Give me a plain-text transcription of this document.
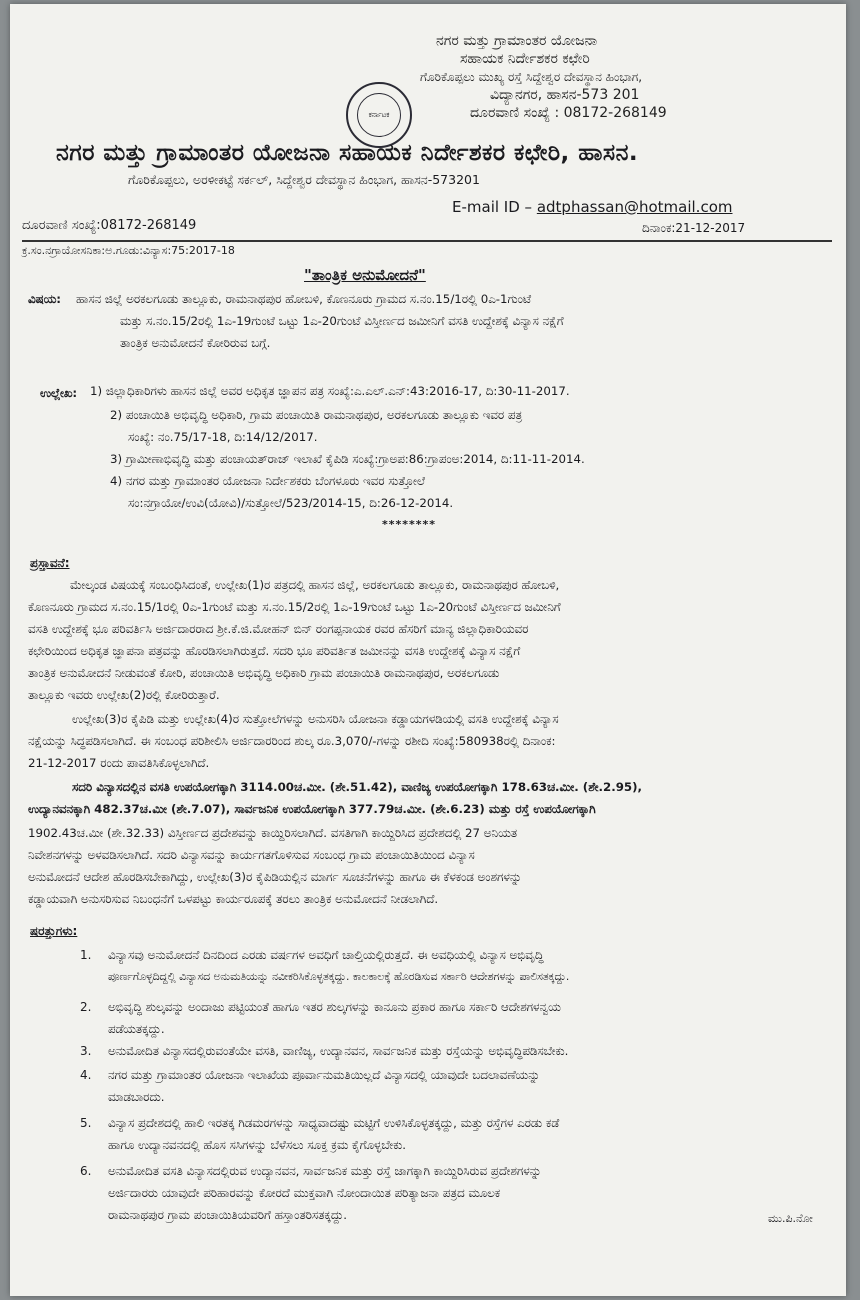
ಕರ್ನಾಟಕ
ನಗರ ಮತ್ತು ಗ್ರಾಮಾಂತರ ಯೋಜನಾ
ಸಹಾಯಕ ನಿರ್ದೇಶಕರ ಕಛೇರಿ
ಗೊರಿಕೊಪ್ಪಲು ಮುಖ್ಯ ರಸ್ತೆ ಸಿದ್ದೇಶ್ವರ ದೇವಸ್ಥಾನ ಹಿಂಭಾಗ,
ವಿದ್ಯಾನಗರ, ಹಾಸನ-573 201
ದೂರವಾಣಿ ಸಂಖ್ಯೆ : 08172-268149
ನಗರ ಮತ್ತು ಗ್ರಾಮಾಂತರ ಯೋಜನಾ ಸಹಾಯಕ ನಿರ್ದೇಶಕರ ಕಛೇರಿ, ಹಾಸನ.
ಗೊರಿಕೊಪ್ಪಲು, ಅರಳೀಕಟ್ಟೆ ಸರ್ಕಲ್, ಸಿದ್ದೇಶ್ವರ ದೇವಸ್ಥಾನ ಹಿಂಭಾಗ, ಹಾಸನ-573201
E-mail ID – adtphassan@hotmail.com
ದೂರವಾಣಿ ಸಂಖ್ಯೆ:08172-268149	ದಿನಾಂಕ:21-12-2017
ಕ್ರ.ಸಂ.ನಗ್ರಾಯೋಸನಿಕಾ:ಅ.ಗೂಡು:ವಿನ್ಯಾಸ:75:2017-18
"ತಾಂತ್ರಿಕ ಅನುಮೋದನೆ"
ವಿಷಯ: ಹಾಸನ ಜಿಲ್ಲೆ ಅರಕಲಗೂಡು ತಾಲ್ಲೂಕು, ರಾಮನಾಥಪುರ ಹೋಬಳಿ, ಕೊಣನೂರು ಗ್ರಾಮದ ಸ.ನಂ.15/1ರಲ್ಲಿ 0ಎ-1ಗುಂಟೆ
ಮತ್ತು ಸ.ನಂ.15/2ರಲ್ಲಿ 1ಎ-19ಗುಂಟೆ ಒಟ್ಟು 1ಎ-20ಗುಂಟೆ ವಿಸ್ತೀರ್ಣದ ಜಮೀನಿಗೆ ವಸತಿ ಉದ್ದೇಶಕ್ಕೆ ವಿನ್ಯಾಸ ನಕ್ಷೆಗೆ
ತಾಂತ್ರಿಕ ಅನುಮೋದನೆ ಕೋರಿರುವ ಬಗ್ಗೆ.
ಉಲ್ಲೇಖ: 1) ಜಿಲ್ಲಾಧಿಕಾರಿಗಳು ಹಾಸನ ಜಿಲ್ಲೆ ಅವರ ಅಧಿಕೃತ ಜ್ಞಾಪನ ಪತ್ರ ಸಂಖ್ಯೆ:ಎ.ಎಲ್.ಎನ್:43:2016-17, ದಿ:30-11-2017.
2) ಪಂಚಾಯಿತಿ ಅಭಿವೃದ್ಧಿ ಅಧಿಕಾರಿ, ಗ್ರಾಮ ಪಂಚಾಯಿತಿ ರಾಮನಾಥಪುರ, ಅರಕಲಗೂಡು ತಾಲ್ಲೂಕು ಇವರ ಪತ್ರ
ಸಂಖ್ಯೆ: ನಂ.75/17-18, ದಿ:14/12/2017.
3) ಗ್ರಾಮೀಣಾಭಿವೃದ್ಧಿ ಮತ್ತು ಪಂಚಾಯತ್‌ರಾಜ್ ಇಲಾಖೆ ಕೈಪಿಡಿ ಸಂಖ್ಯೆ:ಗ್ರಾಅಪ:86:ಗ್ರಾಪಂಅ:2014, ದಿ:11-11-2014.
4) ನಗರ ಮತ್ತು ಗ್ರಾಮಾಂತರ ಯೋಜನಾ ನಿರ್ದೇಶಕರು ಬೆಂಗಳೂರು ಇವರ ಸುತ್ತೋಲೆ
ಸಂ:ನಗ್ರಾಯೋ/ಉವಿ(ಯೋವಿ)/ಸುತ್ತೋಲೆ/523/2014-15, ದಿ:26-12-2014.
********
ಪ್ರಸ್ತಾವನೆ:
ಮೇಲ್ಕಂಡ ವಿಷಯಕ್ಕೆ ಸಂಬಂಧಿಸಿದಂತೆ, ಉಲ್ಲೇಖ(1)ರ ಪತ್ರದಲ್ಲಿ ಹಾಸನ ಜಿಲ್ಲೆ, ಅರಕಲಗೂಡು ತಾಲ್ಲೂಕು, ರಾಮನಾಥಪುರ ಹೋಬಳಿ,
ಕೊಣನೂರು ಗ್ರಾಮದ ಸ.ನಂ.15/1ರಲ್ಲಿ 0ಎ-1ಗುಂಟೆ ಮತ್ತು ಸ.ನಂ.15/2ರಲ್ಲಿ 1ಎ-19ಗುಂಟೆ ಒಟ್ಟು 1ಎ-20ಗುಂಟೆ ವಿಸ್ತೀರ್ಣದ ಜಮೀನಿಗೆ
ವಸತಿ ಉದ್ದೇಶಕ್ಕೆ ಭೂ ಪರಿವರ್ತಿಸಿ ಅರ್ಜಿದಾರರಾದ ಶ್ರೀ.ಕೆ.ಜಿ.ಮೋಹನ್ ಬಿನ್ ರಂಗಪ್ಪನಾಯಕ ರವರ ಹೆಸರಿಗೆ ಮಾನ್ಯ ಜಿಲ್ಲಾಧಿಕಾರಿಯವರ
ಕಛೇರಿಯಿಂದ ಅಧಿಕೃತ ಜ್ಞಾಪನಾ ಪತ್ರವನ್ನು ಹೊರಡಿಸಲಾಗಿರುತ್ತದೆ. ಸದರಿ ಭೂ ಪರಿವರ್ತಿತ ಜಮೀನನ್ನು ವಸತಿ ಉದ್ದೇಶಕ್ಕೆ ವಿನ್ಯಾಸ ನಕ್ಷೆಗೆ
ತಾಂತ್ರಿಕ ಅನುಮೋದನೆ ನೀಡುವಂತೆ ಕೋರಿ, ಪಂಚಾಯಿತಿ ಅಭಿವೃದ್ಧಿ ಅಧಿಕಾರಿ ಗ್ರಾಮ ಪಂಚಾಯಿತಿ ರಾಮನಾಥಪುರ, ಅರಕಲಗೂಡು
ತಾಲ್ಲೂಕು ಇವರು ಉಲ್ಲೇಖ(2)ರಲ್ಲಿ ಕೋರಿರುತ್ತಾರೆ.
ಉಲ್ಲೇಖ(3)ರ ಕೈಪಿಡಿ ಮತ್ತು ಉಲ್ಲೇಖ(4)ರ ಸುತ್ತೋಲೆಗಳನ್ನು ಅನುಸರಿಸಿ ಯೋಜನಾ ಕಡ್ಡಾಯಗಳಡಿಯಲ್ಲಿ ವಸತಿ ಉದ್ದೇಶಕ್ಕೆ ವಿನ್ಯಾಸ
ನಕ್ಷೆಯನ್ನು ಸಿದ್ಧಪಡಿಸಲಾಗಿದೆ. ಈ ಸಂಬಂಧ ಪರಿಶೀಲಿಸಿ ಅರ್ಜಿದಾರರಿಂದ ಶುಲ್ಕ ರೂ.3,070/-ಗಳನ್ನು ರಶೀದಿ ಸಂಖ್ಯೆ:580938ರಲ್ಲಿ ದಿನಾಂಕ:
21-12-2017 ರಂದು ಪಾವತಿಸಿಕೊಳ್ಳಲಾಗಿದೆ.
ಸದರಿ ವಿನ್ಯಾಸದಲ್ಲಿನ ವಸತಿ ಉಪಯೋಗಕ್ಕಾಗಿ 3114.00ಚ.ಮೀ. (ಶೇ.51.42), ವಾಣಿಜ್ಯ ಉಪಯೋಗಕ್ಕಾಗಿ 178.63ಚ.ಮೀ. (ಶೇ.2.95),
ಉದ್ಯಾನವನಕ್ಕಾಗಿ 482.37ಚ.ಮೀ (ಶೇ.7.07), ಸಾರ್ವಜನಿಕ ಉಪಯೋಗಕ್ಕಾಗಿ 377.79ಚ.ಮೀ. (ಶೇ.6.23) ಮತ್ತು ರಸ್ತೆ ಉಪಯೋಗಕ್ಕಾಗಿ
1902.43ಚ.ಮೀ (ಶೇ.32.33) ವಿಸ್ತೀರ್ಣದ ಪ್ರದೇಶವನ್ನು ಕಾಯ್ದಿರಿಸಲಾಗಿದೆ. ವಸತಿಗಾಗಿ ಕಾಯ್ದಿರಿಸಿದ ಪ್ರದೇಶದಲ್ಲಿ 27 ಅನಿಯತ
ನಿವೇಶನಗಳನ್ನು ಅಳವಡಿಸಲಾಗಿದೆ. ಸದರಿ ವಿನ್ಯಾಸವನ್ನು ಕಾರ್ಯಗತಗೊಳಿಸುವ ಸಂಬಂಧ ಗ್ರಾಮ ಪಂಚಾಯಿತಿಯಿಂದ ವಿನ್ಯಾಸ
ಅನುಮೋದನೆ ಆದೇಶ ಹೊರಡಿಸಬೇಕಾಗಿದ್ದು, ಉಲ್ಲೇಖ(3)ರ ಕೈಪಿಡಿಯಲ್ಲಿನ ಮಾರ್ಗ ಸೂಚನೆಗಳನ್ನು ಹಾಗೂ ಈ ಕೆಳಕಂಡ ಅಂಶಗಳನ್ನು
ಕಡ್ಡಾಯವಾಗಿ ಅನುಸರಿಸುವ ನಿಬಂಧನೆಗೆ ಒಳಪಟ್ಟು ಕಾರ್ಯರೂಪಕ್ಕೆ ತರಲು ತಾಂತ್ರಿಕ ಅನುಮೋದನೆ ನೀಡಲಾಗಿದೆ.
ಷರತ್ತುಗಳು:
1. ವಿನ್ಯಾಸವು ಅನುಮೋದನೆ ದಿನದಿಂದ ಎರಡು ವರ್ಷಗಳ ಅವಧಿಗೆ ಚಾಲ್ತಿಯಲ್ಲಿರುತ್ತದೆ. ಈ ಅವಧಿಯಲ್ಲಿ ವಿನ್ಯಾಸ ಅಭಿವೃದ್ಧಿ
ಪೂರ್ಣಗೊಳ್ಳದಿದ್ದಲ್ಲಿ ವಿನ್ಯಾಸದ ಅನುಮತಿಯನ್ನು ನವೀಕರಿಸಿಕೊಳ್ಳತಕ್ಕದ್ದು. ಕಾಲಕಾಲಕ್ಕೆ ಹೊರಡಿಸುವ ಸರ್ಕಾರಿ ಆದೇಶಗಳನ್ನು ಪಾಲಿಸತಕ್ಕದ್ದು.
2. ಅಭಿವೃದ್ಧಿ ಶುಲ್ಕವನ್ನು ಅಂದಾಜು ಪಟ್ಟಿಯಂತೆ ಹಾಗೂ ಇತರ ಶುಲ್ಕಗಳನ್ನು ಕಾನೂನು ಪ್ರಕಾರ ಹಾಗೂ ಸರ್ಕಾರಿ ಆದೇಶಗಳನ್ವಯ
ಪಡೆಯತಕ್ಕದ್ದು.
3. ಅನುಮೋದಿತ ವಿನ್ಯಾಸದಲ್ಲಿರುವಂತೆಯೇ ವಸತಿ, ವಾಣಿಜ್ಯ, ಉದ್ಯಾನವನ, ಸಾರ್ವಜನಿಕ ಮತ್ತು ರಸ್ತೆಯನ್ನು ಅಭಿವೃದ್ಧಿಪಡಿಸಬೇಕು.
4. ನಗರ ಮತ್ತು ಗ್ರಾಮಾಂತರ ಯೋಜನಾ ಇಲಾಖೆಯ ಪೂರ್ವಾನುಮತಿಯಿಲ್ಲದೆ ವಿನ್ಯಾಸದಲ್ಲಿ ಯಾವುದೇ ಬದಲಾವಣೆಯನ್ನು
ಮಾಡಬಾರದು.
5. ವಿನ್ಯಾಸ ಪ್ರದೇಶದಲ್ಲಿ ಹಾಲಿ ಇರತಕ್ಕ ಗಿಡಮರಗಳನ್ನು ಸಾಧ್ಯವಾದಷ್ಟು ಮಟ್ಟಿಗೆ ಉಳಿಸಿಕೊಳ್ಳತಕ್ಕದ್ದು, ಮತ್ತು ರಸ್ತೆಗಳ ಎರಡು ಕಡೆ
ಹಾಗೂ ಉದ್ಯಾನವನದಲ್ಲಿ ಹೊಸ ಸಸಿಗಳನ್ನು ಬೆಳೆಸಲು ಸೂಕ್ತ ಕ್ರಮ ಕೈಗೊಳ್ಳಬೇಕು.
6. ಅನುಮೋದಿತ ವಸತಿ ವಿನ್ಯಾಸದಲ್ಲಿರುವ ಉದ್ಯಾನವನ, ಸಾರ್ವಜನಿಕ ಮತ್ತು ರಸ್ತೆ ಜಾಗಕ್ಕಾಗಿ ಕಾಯ್ದಿರಿಸಿರುವ ಪ್ರದೇಶಗಳನ್ನು
ಅರ್ಜಿದಾರರು ಯಾವುದೇ ಪರಿಹಾರವನ್ನು ಕೋರದೆ ಮುಕ್ತವಾಗಿ ನೋಂದಾಯಿತ ಪರಿತ್ಯಾಜನಾ ಪತ್ರದ ಮೂಲಕ
ರಾಮನಾಥಪುರ ಗ್ರಾಮ ಪಂಚಾಯಿತಿಯವರಿಗೆ ಹಸ್ತಾಂತರಿಸತಕ್ಕದ್ದು.	ಮು.ಪಿ.ನೋ
